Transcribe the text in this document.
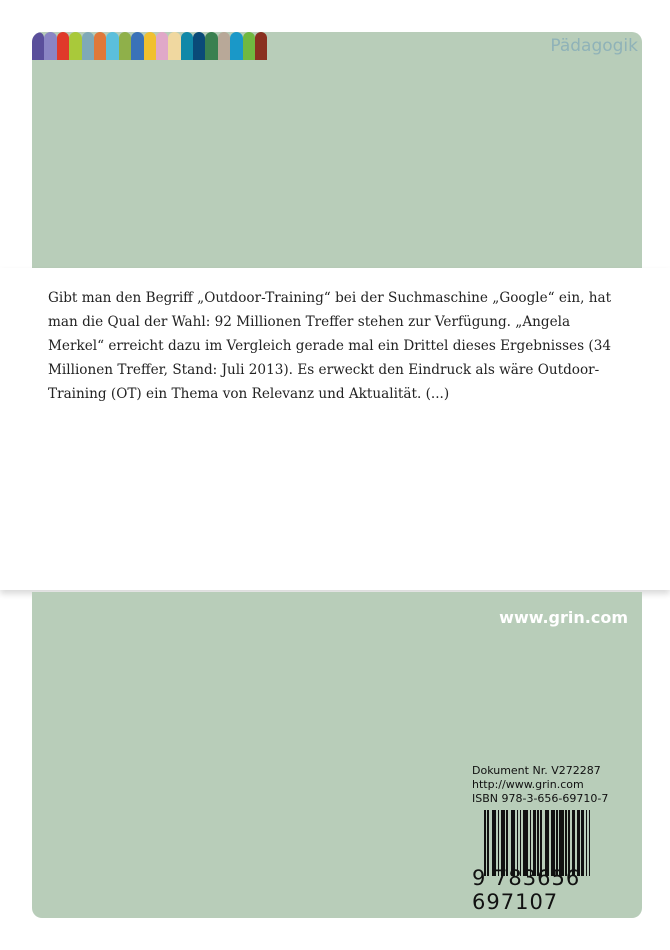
Pädagogik

Gibt man den Begriff „Outdoor-Training“ bei der Suchmaschine „Google“ ein, hat man die Qual der Wahl: 92 Millionen Treffer stehen zur Verfügung. „Angela Merkel“ erreicht dazu im Vergleich gerade mal ein Drittel dieses Ergebnisses (34 Millionen Treffer, Stand: Juli 2013). Es erweckt den Eindruck als wäre Outdoor-Training (OT) ein Thema von Relevanz und Aktualität. (...)

www.grin.com
Dokument Nr. V272287
http://www.grin.com
ISBN 978-3-656-69710-7
9 783656 697107
